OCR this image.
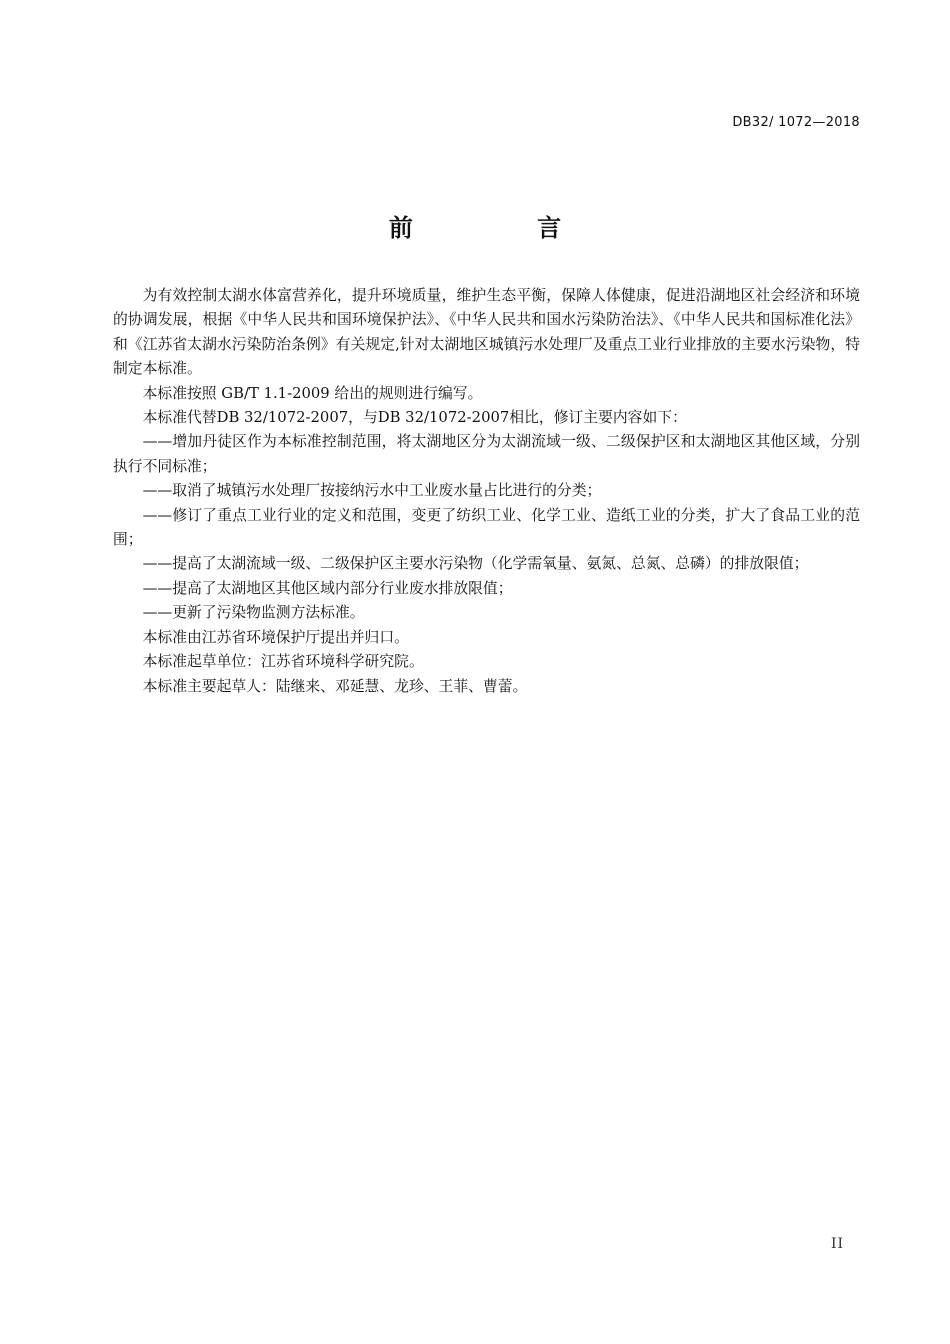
DB32/ 1072—2018
前 言

为有效控制太湖水体富营养化，提升环境质量，维护生态平衡，保障人体健康，促进沿湖地区社会经济和环境的协调发展，根据《中华人民共和国环境保护法》、《中华人民共和国水污染防治法》、《中华人民共和国标准化法》和《江苏省太湖水污染防治条例》有关规定,针对太湖地区城镇污水处理厂及重点工业行业排放的主要水污染物，特制定本标准。

本标准按照 GB/T 1.1-2009 给出的规则进行编写。

本标准代替DB 32/1072-2007，与DB 32/1072-2007相比，修订主要内容如下：

——增加丹徒区作为本标准控制范围，将太湖地区分为太湖流域一级、二级保护区和太湖地区其他区域，分别执行不同标准；

——取消了城镇污水处理厂按接纳污水中工业废水量占比进行的分类；

——修订了重点工业行业的定义和范围，变更了纺织工业、化学工业、造纸工业的分类，扩大了食品工业的范围；

——提高了太湖流域一级、二级保护区主要水污染物（化学需氧量、氨氮、总氮、总磷）的排放限值；

——提高了太湖地区其他区域内部分行业废水排放限值；

——更新了污染物监测方法标准。

本标准由江苏省环境保护厅提出并归口。

本标准起草单位：江苏省环境科学研究院。

本标准主要起草人：陆继来、邓延慧、龙珍、王菲、曹蕾。

II
